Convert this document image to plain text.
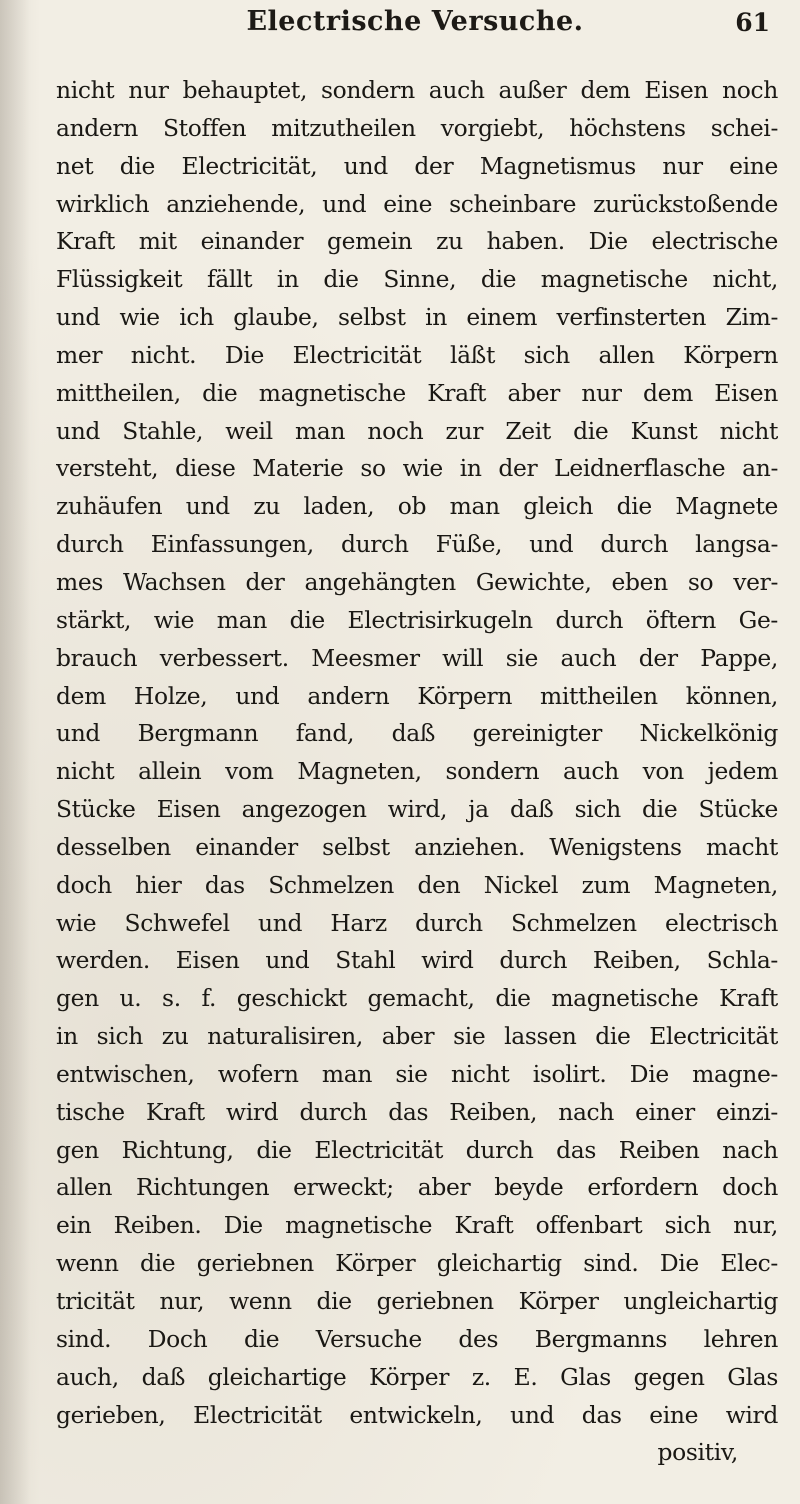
Electrische Versuche.	61
nicht nur behauptet, sondern auch außer dem Eisen noch
andern Stoffen mitzutheilen vorgiebt, höchstens schei-
net die Electricität, und der Magnetismus nur eine
wirklich anziehende, und eine scheinbare zurückstoßende
Kraft mit einander gemein zu haben. Die electrische
Flüssigkeit fällt in die Sinne, die magnetische nicht,
und wie ich glaube, selbst in einem verfinsterten Zim-
mer nicht. Die Electricität läßt sich allen Körpern
mittheilen, die magnetische Kraft aber nur dem Eisen
und Stahle, weil man noch zur Zeit die Kunst nicht
versteht, diese Materie so wie in der Leidnerflasche an-
zuhäufen und zu laden, ob man gleich die Magnete
durch Einfassungen, durch Füße, und durch langsa-
mes Wachsen der angehängten Gewichte, eben so ver-
stärkt, wie man die Electrisirkugeln durch öftern Ge-
brauch verbessert. Meesmer will sie auch der Pappe,
dem Holze, und andern Körpern mittheilen können,
und Bergmann fand, daß gereinigter Nickelkönig
nicht allein vom Magneten, sondern auch von jedem
Stücke Eisen angezogen wird, ja daß sich die Stücke
desselben einander selbst anziehen. Wenigstens macht
doch hier das Schmelzen den Nickel zum Magneten,
wie Schwefel und Harz durch Schmelzen electrisch
werden. Eisen und Stahl wird durch Reiben, Schla-
gen u. s. f. geschickt gemacht, die magnetische Kraft
in sich zu naturalisiren, aber sie lassen die Electricität
entwischen, wofern man sie nicht isolirt. Die magne-
tische Kraft wird durch das Reiben, nach einer einzi-
gen Richtung, die Electricität durch das Reiben nach
allen Richtungen erweckt; aber beyde erfordern doch
ein Reiben. Die magnetische Kraft offenbart sich nur,
wenn die geriebnen Körper gleichartig sind. Die Elec-
tricität nur, wenn die geriebnen Körper ungleichartig
sind. Doch die Versuche des Bergmanns lehren
auch, daß gleichartige Körper z. E. Glas gegen Glas
gerieben, Electricität entwickeln, und das eine wird
positiv,
